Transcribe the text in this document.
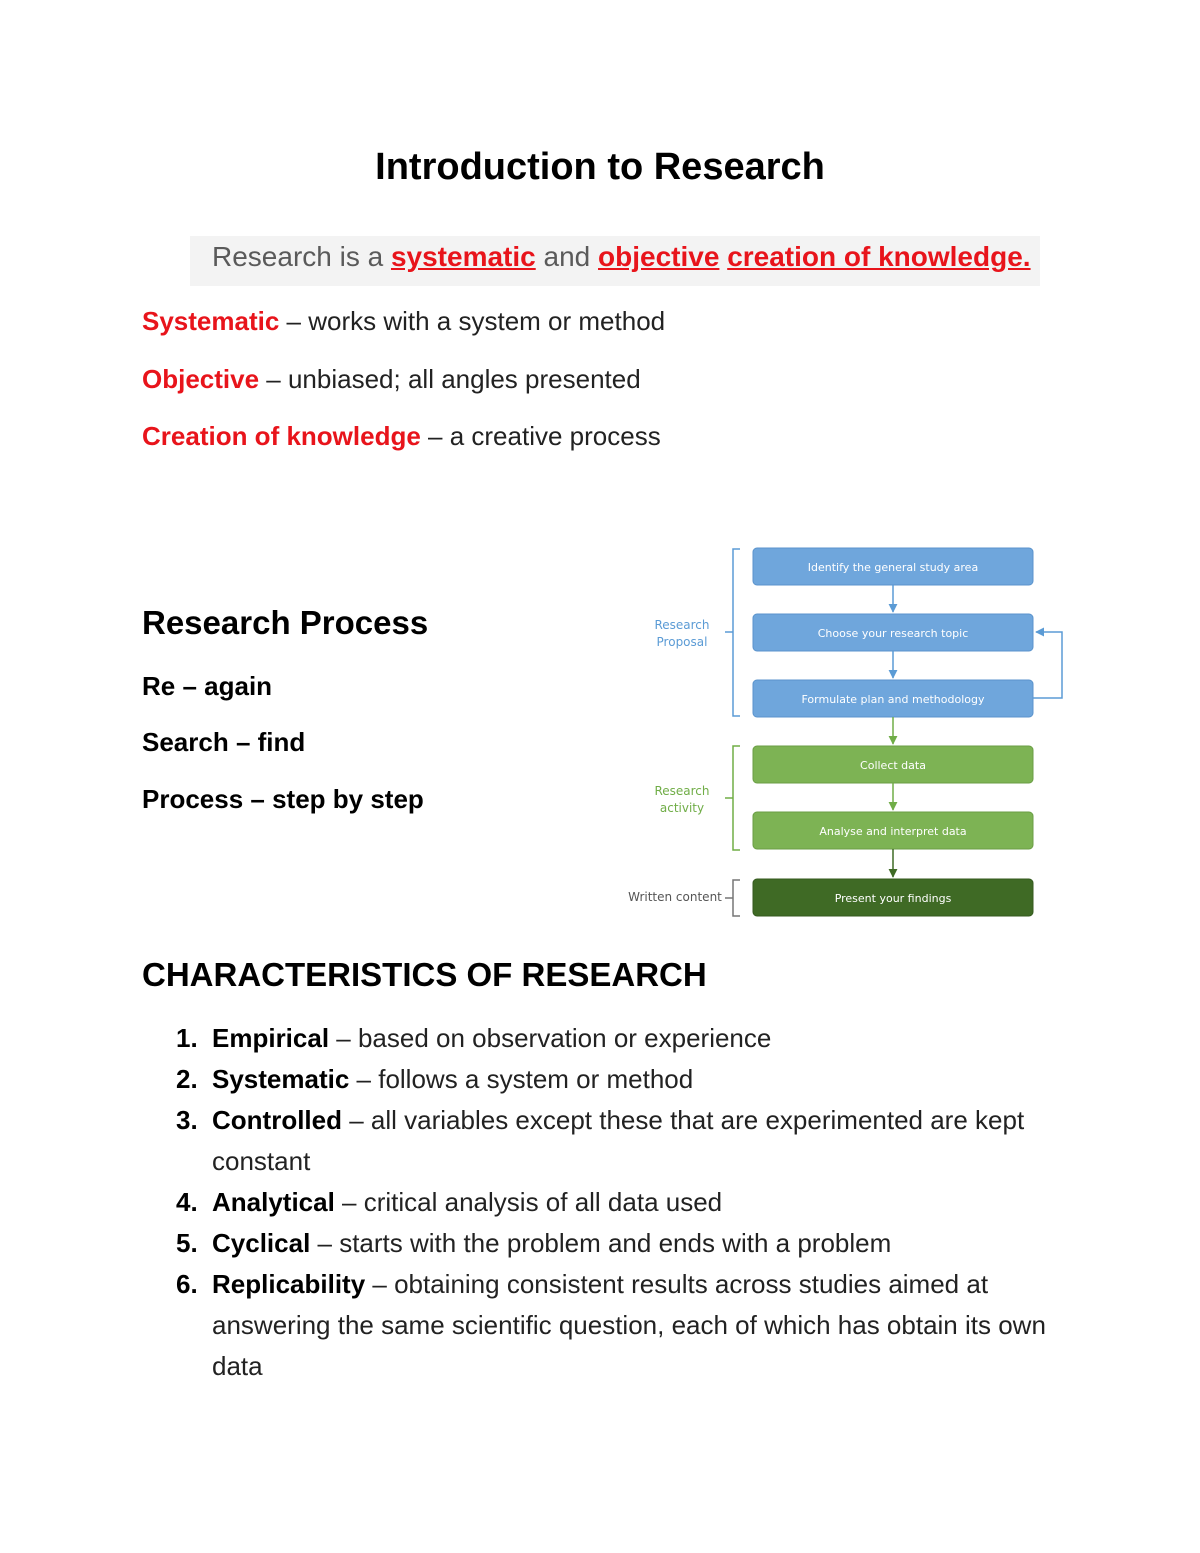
Introduction to Research
Research is a systematic and objective creation of knowledge.
Systematic – works with a system or method
Objective – unbiased; all angles presented
Creation of knowledge – a creative process
Research Process
Re – again
Search – find
Process – step by step
Research
Proposal
Research
activity
Written content
Identify the general study area
Choose your research topic
Formulate plan and methodology
Collect data
Analyse and interpret data
Present your findings
CHARACTERISTICS OF RESEARCH
1. Empirical – based on observation or experience
2. Systematic – follows a system or method
3. Controlled – all variables except these that are experimented are kept constant
4. Analytical – critical analysis of all data used
5. Cyclical – starts with the problem and ends with a problem
6. Replicability – obtaining consistent results across studies aimed at answering the same scientific question, each of which has obtain its own data
